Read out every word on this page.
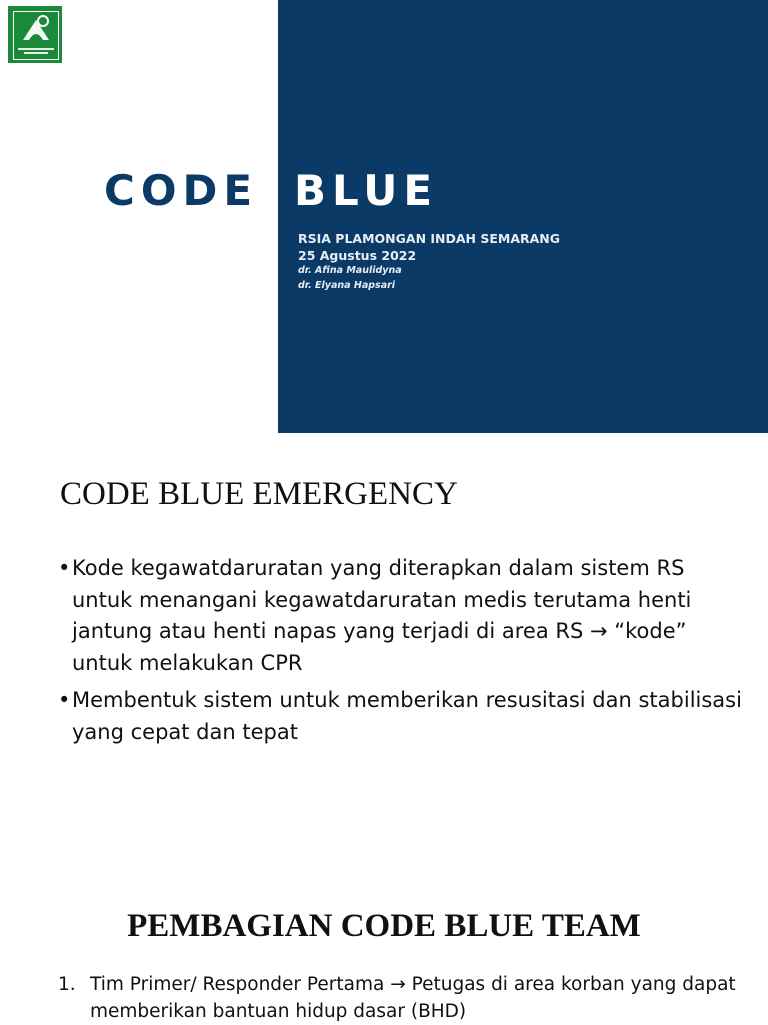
CODE BLUE
RSIA PLAMONGAN INDAH SEMARANG
25 Agustus 2022
dr. Afina Maulidyna
dr. Elyana Hapsari
CODE BLUE EMERGENCY
• Kode kegawatdaruratan yang diterapkan dalam sistem RS untuk menangani kegawatdaruratan medis terutama henti jantung atau henti napas yang terjadi di area RS → “kode” untuk melakukan CPR
• Membentuk sistem untuk memberikan resusitasi dan stabilisasi yang cepat dan tepat
PEMBAGIAN CODE BLUE TEAM
1. Tim Primer/ Responder Pertama → Petugas di area korban yang dapat memberikan bantuan hidup dasar (BHD)
